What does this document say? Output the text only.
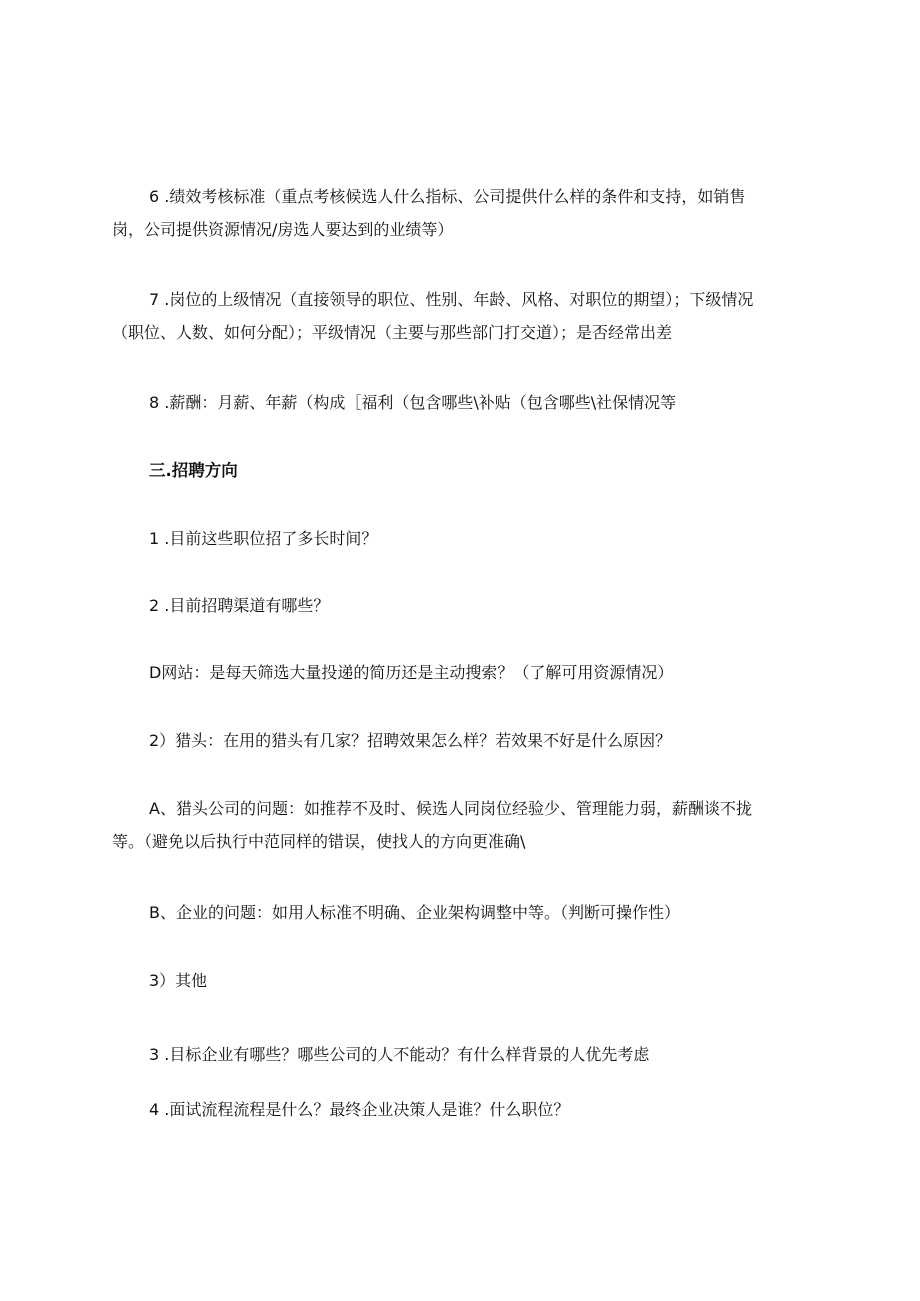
6 .绩效考核标准（重点考核候选人什么指标、公司提供什么样的条件和支持，如销售
岗，公司提供资源情况/房选人要达到的业绩等）

7 .岗位的上级情况（直接领导的职位、性别、年龄、风格、对职位的期望）；下级情况
（职位、人数、如何分配）；平级情况（主要与那些部门打交道）；是否经常出差

8 .薪酬：月薪、年薪（构成［福利（包含哪些\补贴（包含哪些\社保情况等

三.招聘方向

1 .目前这些职位招了多长时间？

2 .目前招聘渠道有哪些？

D网站：是每天筛选大量投递的简历还是主动搜索？（了解可用资源情况）

2）猎头：在用的猎头有几家？招聘效果怎么样？若效果不好是什么原因？

A、猎头公司的问题：如推荐不及时、候选人同岗位经验少、管理能力弱，薪酬谈不拢
等。（避免以后执行中范同样的错误，使找人的方向更准确\

B、企业的问题：如用人标准不明确、企业架构调整中等。（判断可操作性）

3）其他

3 .目标企业有哪些？哪些公司的人不能动？有什么样背景的人优先考虑

4 .面试流程流程是什么？最终企业决策人是谁？什么职位？
